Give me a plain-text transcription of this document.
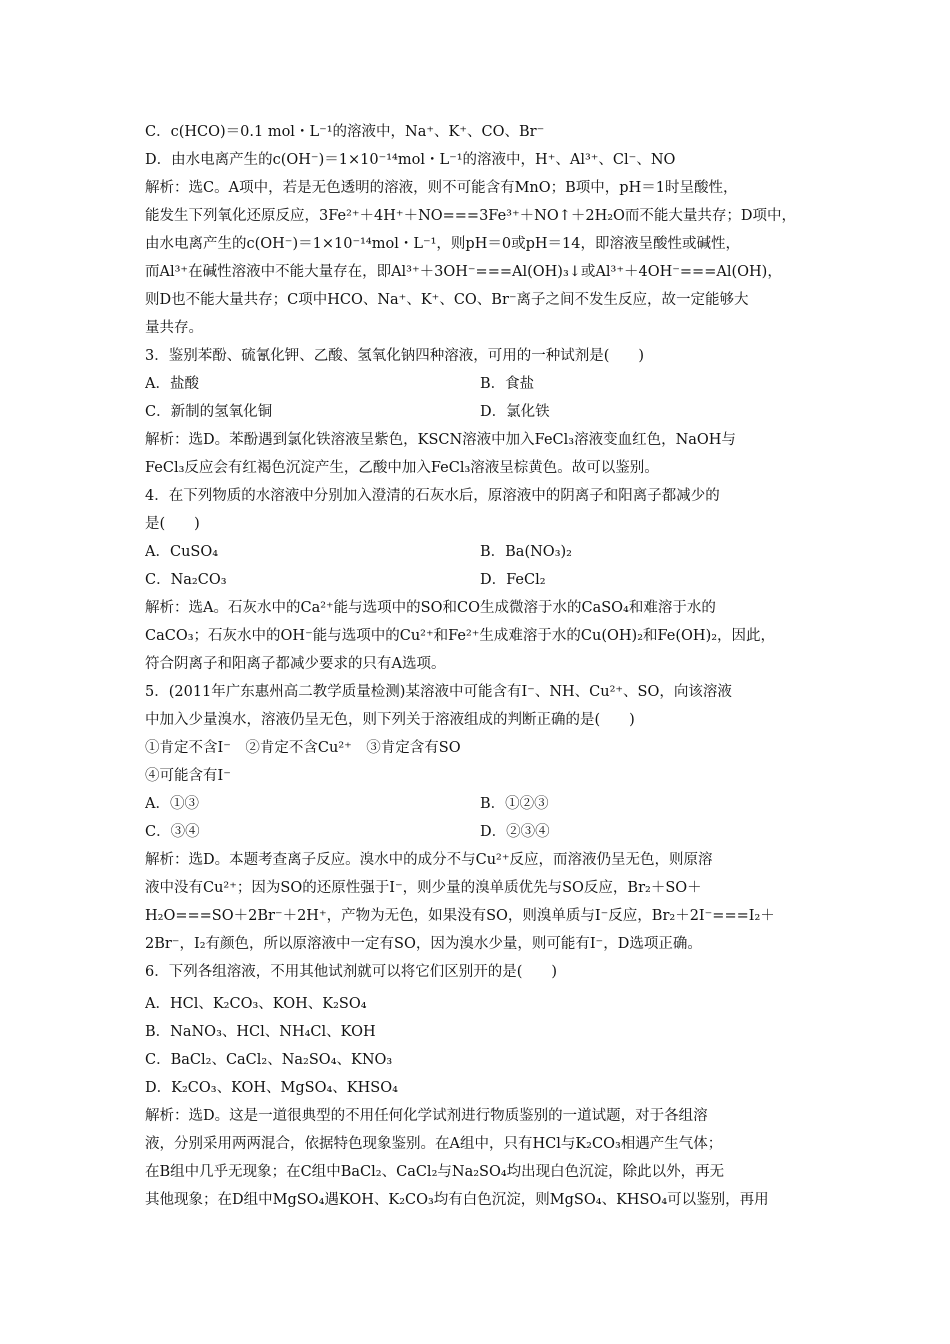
C．c(HCO)＝0.1 mol・L⁻¹的溶液中，Na⁺、K⁺、CO、Br⁻
D．由水电离产生的c(OH⁻)＝1×10⁻¹⁴mol・L⁻¹的溶液中，H⁺、Al³⁺、Cl⁻、NO
解析：选C。A项中，若是无色透明的溶液，则不可能含有MnO；B项中，pH＝1时呈酸性，
能发生下列氧化还原反应，3Fe²⁺＋4H⁺＋NO===3Fe³⁺＋NO↑＋2H₂O而不能大量共存；D项中，
由水电离产生的c(OH⁻)＝1×10⁻¹⁴mol・L⁻¹，则pH＝0或pH＝14，即溶液呈酸性或碱性，
而Al³⁺在碱性溶液中不能大量存在，即Al³⁺＋3OH⁻===Al(OH)₃↓或Al³⁺＋4OH⁻===Al(OH)，
则D也不能大量共存；C项中HCO、Na⁺、K⁺、CO、Br⁻离子之间不发生反应，故一定能够大
量共存。
3．鉴别苯酚、硫氰化钾、乙酸、氢氧化钠四种溶液，可用的一种试剂是(　　)
A．盐酸	B．食盐
C．新制的氢氧化铜	D．氯化铁
解析：选D。苯酚遇到氯化铁溶液呈紫色，KSCN溶液中加入FeCl₃溶液变血红色，NaOH与
FeCl₃反应会有红褐色沉淀产生，乙酸中加入FeCl₃溶液呈棕黄色。故可以鉴别。
4．在下列物质的水溶液中分别加入澄清的石灰水后，原溶液中的阴离子和阳离子都减少的
是(　　)
A．CuSO₄	B．Ba(NO₃)₂
C．Na₂CO₃	D．FeCl₂
解析：选A。石灰水中的Ca²⁺能与选项中的SO和CO生成微溶于水的CaSO₄和难溶于水的
CaCO₃；石灰水中的OH⁻能与选项中的Cu²⁺和Fe²⁺生成难溶于水的Cu(OH)₂和Fe(OH)₂，因此，
符合阴离子和阳离子都减少要求的只有A选项。
5．(2011年广东惠州高二教学质量检测)某溶液中可能含有I⁻、NH、Cu²⁺、SO，向该溶液
中加入少量溴水，溶液仍呈无色，则下列关于溶液组成的判断正确的是(　　)
①肯定不含I⁻　②肯定不含Cu²⁺　③肯定含有SO
④可能含有I⁻
A．①③	B．①②③
C．③④	D．②③④
解析：选D。本题考查离子反应。溴水中的成分不与Cu²⁺反应，而溶液仍呈无色，则原溶
液中没有Cu²⁺；因为SO的还原性强于I⁻，则少量的溴单质优先与SO反应，Br₂＋SO＋
H₂O===SO＋2Br⁻＋2H⁺，产物为无色，如果没有SO，则溴单质与I⁻反应，Br₂＋2I⁻===I₂＋
2Br⁻，I₂有颜色，所以原溶液中一定有SO，因为溴水少量，则可能有I⁻，D选项正确。
6．下列各组溶液，不用其他试剂就可以将它们区别开的是(　　)
A．HCl、K₂CO₃、KOH、K₂SO₄
B．NaNO₃、HCl、NH₄Cl、KOH
C．BaCl₂、CaCl₂、Na₂SO₄、KNO₃
D．K₂CO₃、KOH、MgSO₄、KHSO₄
解析：选D。这是一道很典型的不用任何化学试剂进行物质鉴别的一道试题，对于各组溶
液，分别采用两两混合，依据特色现象鉴别。在A组中，只有HCl与K₂CO₃相遇产生气体；
在B组中几乎无现象；在C组中BaCl₂、CaCl₂与Na₂SO₄均出现白色沉淀，除此以外，再无
其他现象；在D组中MgSO₄遇KOH、K₂CO₃均有白色沉淀，则MgSO₄、KHSO₄可以鉴别，再用
